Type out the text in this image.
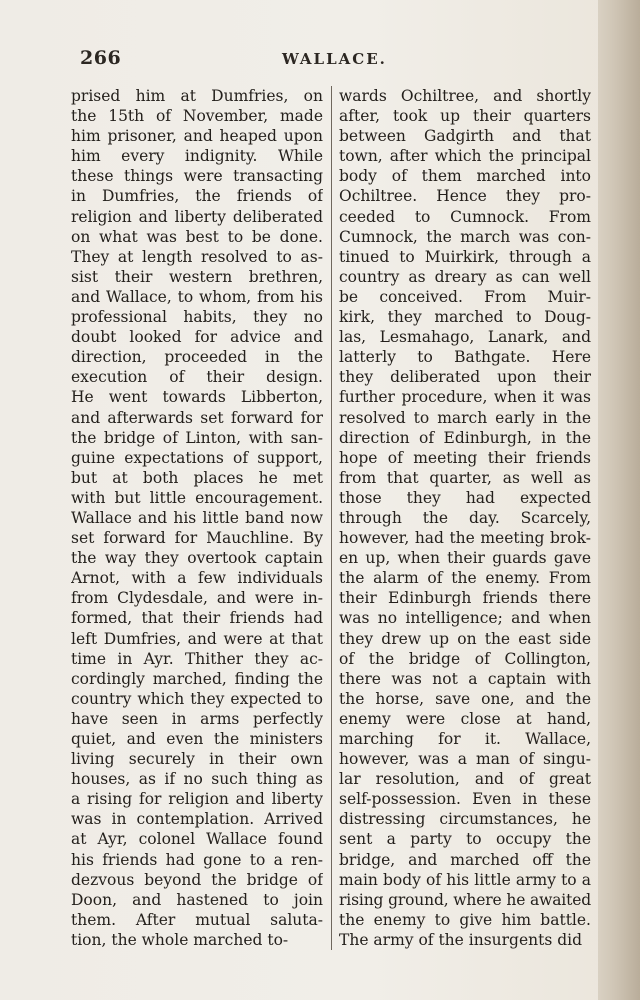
266	WALLACE.
prised him at Dumfries, on
the 15th of November, made
him prisoner, and heaped upon
him every indignity. While
these things were transacting
in Dumfries, the friends of
religion and liberty deliberated
on what was best to be done.
They at length resolved to as-
sist their western brethren,
and Wallace, to whom, from his
professional habits, they no
doubt looked for advice and
direction, proceeded in the
execution of their design.
He went towards Libberton,
and afterwards set forward for
the bridge of Linton, with san-
guine expectations of support,
but at both places he met
with but little encouragement.
Wallace and his little band now
set forward for Mauchline. By
the way they overtook captain
Arnot, with a few individuals
from Clydesdale, and were in-
formed, that their friends had
left Dumfries, and were at that
time in Ayr. Thither they ac-
cordingly marched, finding the
country which they expected to
have seen in arms perfectly
quiet, and even the ministers
living securely in their own
houses, as if no such thing as
a rising for religion and liberty
was in contemplation. Arrived
at Ayr, colonel Wallace found
his friends had gone to a ren-
dezvous beyond the bridge of
Doon, and hastened to join
them. After mutual saluta-
tion, the whole marched to-
wards Ochiltree, and shortly
after, took up their quarters
between Gadgirth and that
town, after which the principal
body of them marched into
Ochiltree. Hence they pro-
ceeded to Cumnock. From
Cumnock, the march was con-
tinued to Muirkirk, through a
country as dreary as can well
be conceived. From Muir-
kirk, they marched to Doug-
las, Lesmahago, Lanark, and
latterly to Bathgate. Here
they deliberated upon their
further procedure, when it was
resolved to march early in the
direction of Edinburgh, in the
hope of meeting their friends
from that quarter, as well as
those they had expected
through the day. Scarcely,
however, had the meeting brok-
en up, when their guards gave
the alarm of the enemy. From
their Edinburgh friends there
was no intelligence; and when
they drew up on the east side
of the bridge of Collington,
there was not a captain with
the horse, save one, and the
enemy were close at hand,
marching for it. Wallace,
however, was a man of singu-
lar resolution, and of great
self-possession. Even in these
distressing circumstances, he
sent a party to occupy the
bridge, and marched off the
main body of his little army to a
rising ground, where he awaited
the enemy to give him battle.
The army of the insurgents did
